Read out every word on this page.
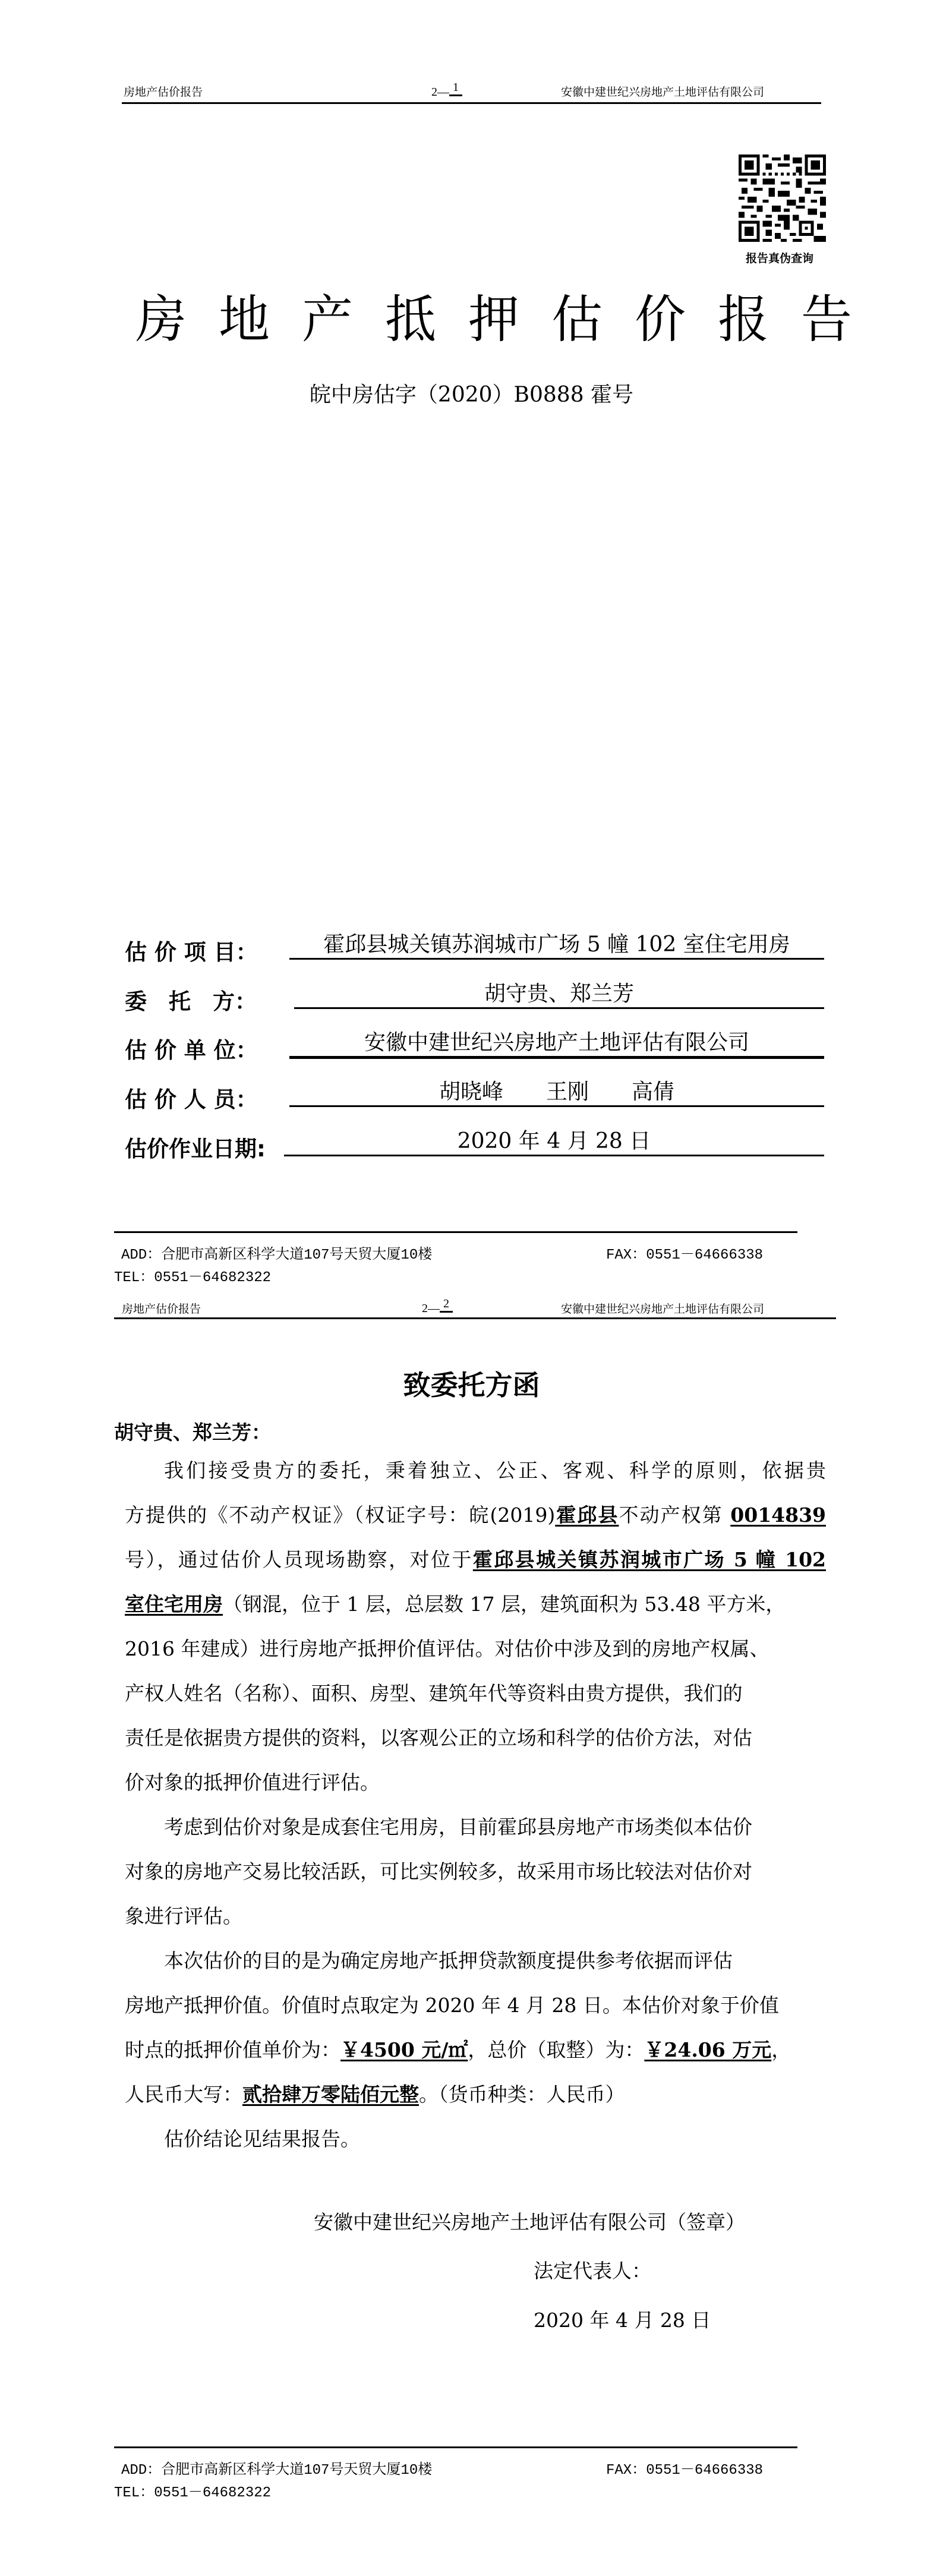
房地产估价报告	2— 1	安徽中建世纪兴房地产土地评估有限公司
报告真伪查询
房地产抵押估价报告
皖中房估字（2020）B0888 霍号
估 价 项 目：	霍邱县城关镇苏润城市广场 5 幢 102 室住宅用房
委　托　方：	胡守贵、郑兰芳
估 价 单 位：	安徽中建世纪兴房地产土地评估有限公司
估 价 人 员：	胡晓峰　　王刚　　高倩
估价作业日期:	2020 年 4 月 28 日
ADD：合肥市高新区科学大道107号天贸大厦10楼	FAX：0551－64666338
TEL：0551－64682322
房地产估价报告	2— 2	安徽中建世纪兴房地产土地评估有限公司
致委托方函
胡守贵、郑兰芳：
我们接受贵方的委托，秉着独立、公正、客观、科学的原则，依据贵
方提供的《不动产权证》（权证字号：皖(2019)霍邱县不动产权第 0014839
号），通过估价人员现场勘察，对位于霍邱县城关镇苏润城市广场 5 幢 102
室住宅用房（钢混，位于 1 层，总层数 17 层，建筑面积为 53.48 平方米，
2016 年建成）进行房地产抵押价值评估。对估价中涉及到的房地产权属、
产权人姓名（名称）、面积、房型、建筑年代等资料由贵方提供，我们的
责任是依据贵方提供的资料，以客观公正的立场和科学的估价方法，对估
价对象的抵押价值进行评估。
考虑到估价对象是成套住宅用房，目前霍邱县房地产市场类似本估价
对象的房地产交易比较活跃，可比实例较多，故采用市场比较法对估价对
象进行评估。
本次估价的目的是为确定房地产抵押贷款额度提供参考依据而评估
房地产抵押价值。价值时点取定为 2020 年 4 月 28 日。本估价对象于价值
时点的抵押价值单价为：￥4500 元/㎡，总价（取整）为：￥24.06 万元，
人民币大写：贰拾肆万零陆佰元整。（货币种类：人民币）
估价结论见结果报告。
安徽中建世纪兴房地产土地评估有限公司（签章）
法定代表人：
2020 年 4 月 28 日
ADD：合肥市高新区科学大道107号天贸大厦10楼	FAX：0551－64666338
TEL：0551－64682322
